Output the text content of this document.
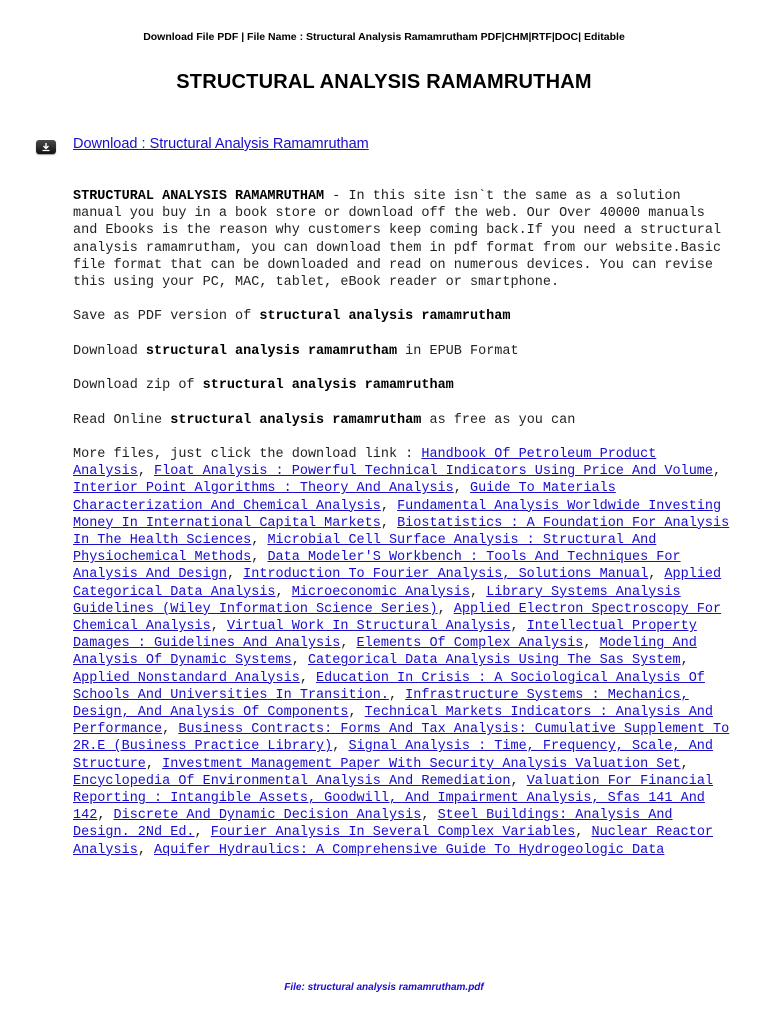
Download File PDF | File Name : Structural Analysis Ramamrutham PDF|CHM|RTF|DOC| Editable
STRUCTURAL ANALYSIS RAMAMRUTHAM
Download : Structural Analysis Ramamrutham

STRUCTURAL ANALYSIS RAMAMRUTHAM - In this site isn`t the same as a solution manual you buy in a book store or download off the web. Our Over 40000 manuals and Ebooks is the reason why customers keep coming back.If you need a structural analysis ramamrutham, you can download them in pdf format from our website.Basic file format that can be downloaded and read on numerous devices. You can revise this using your PC, MAC, tablet, eBook reader or smartphone.

Save as PDF version of structural analysis ramamrutham

Download structural analysis ramamrutham in EPUB Format

Download zip of structural analysis ramamrutham

Read Online structural analysis ramamrutham as free as you can

More files, just click the download link : Handbook Of Petroleum Product Analysis, Float Analysis : Powerful Technical Indicators Using Price And Volume, Interior Point Algorithms : Theory And Analysis, Guide To Materials Characterization And Chemical Analysis, Fundamental Analysis Worldwide Investing Money In International Capital Markets, Biostatistics : A Foundation For Analysis In The Health Sciences, Microbial Cell Surface Analysis : Structural And Physiochemical Methods, Data Modeler'S Workbench : Tools And Techniques For Analysis And Design, Introduction To Fourier Analysis, Solutions Manual, Applied Categorical Data Analysis, Microeconomic Analysis, Library Systems Analysis Guidelines (Wiley Information Science Series), Applied Electron Spectroscopy For Chemical Analysis, Virtual Work In Structural Analysis, Intellectual Property Damages : Guidelines And Analysis, Elements Of Complex Analysis, Modeling And Analysis Of Dynamic Systems, Categorical Data Analysis Using The Sas System, Applied Nonstandard Analysis, Education In Crisis : A Sociological Analysis Of Schools And Universities In Transition., Infrastructure Systems : Mechanics, Design, And Analysis Of Components, Technical Markets Indicators : Analysis And Performance, Business Contracts: Forms And Tax Analysis: Cumulative Supplement To 2R.E (Business Practice Library), Signal Analysis : Time, Frequency, Scale, And Structure, Investment Management Paper With Security Analysis Valuation Set, Encyclopedia Of Environmental Analysis And Remediation, Valuation For Financial Reporting : Intangible Assets, Goodwill, And Impairment Analysis, Sfas 141 And 142, Discrete And Dynamic Decision Analysis, Steel Buildings: Analysis And Design. 2Nd Ed., Fourier Analysis In Several Complex Variables, Nuclear Reactor Analysis, Aquifer Hydraulics: A Comprehensive Guide To Hydrogeologic Data

File: structural analysis ramamrutham.pdf
